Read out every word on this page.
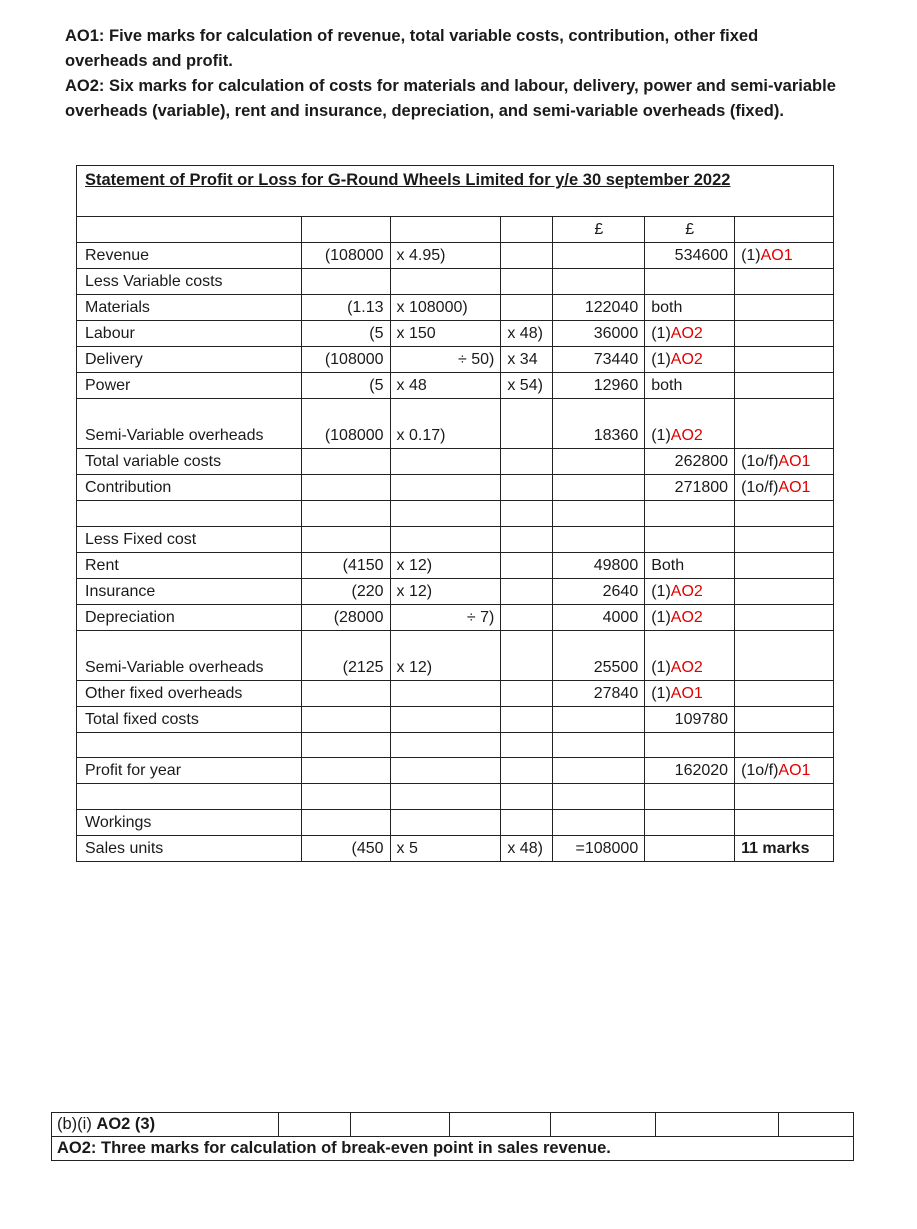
AO1: Five marks for calculation of revenue, total variable costs, contribution, other fixed overheads and profit.
AO2: Six marks for calculation of costs for materials and labour, delivery, power and semi-variable overheads (variable), rent and insurance, depreciation, and semi-variable overheads (fixed).
Statement of Profit or Loss for G-Round Wheels Limited for y/e 30 september 2022						
				£	£	
Revenue	(108000	x 4.95)			534600	(1)AO1
Less Variable costs						
Materials	(1.13	x 108000)		122040	both	
Labour	(5	x 150	x 48)	36000	(1)AO2	
Delivery	(108000	÷ 50)	x 34	73440	(1)AO2	
Power	(5	x 48	x 54)	12960	both	
Semi-Variable overheads	(108000	x 0.17)		18360	(1)AO2	
Total variable costs					262800	(1o/f)AO1
Contribution					271800	(1o/f)AO1

Less Fixed cost						
Rent	(4150	x 12)		49800	Both	
Insurance	(220	x 12)		2640	(1)AO2	
Depreciation	(28000	÷ 7)		4000	(1)AO2	
Semi-Variable overheads	(2125	x 12)		25500	(1)AO2	
Other fixed overheads				27840	(1)AO1	
Total fixed costs					109780	

Profit for year					162020	(1o/f)AO1

Workings						
Sales units	(450	x 5	x 48)	=108000		11 marks
(b)(i) AO2 (3)						
AO2: Three marks for calculation of break-even point in sales revenue.
